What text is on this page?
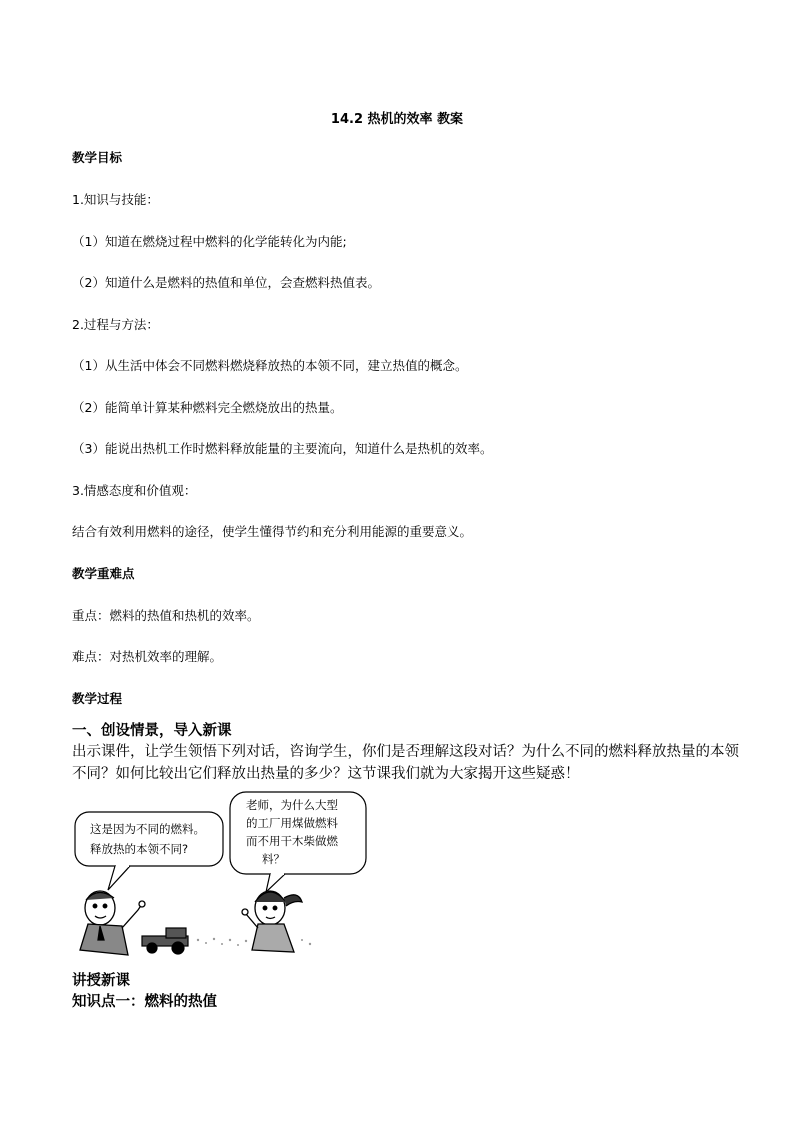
14.2 热机的效率 教案
教学目标
1.知识与技能：
（1）知道在燃烧过程中燃料的化学能转化为内能;
（2）知道什么是燃料的热值和单位，会查燃料热值表。
2.过程与方法：
（1）从生活中体会不同燃料燃烧释放热的本领不同，建立热值的概念。
（2）能简单计算某种燃料完全燃烧放出的热量。
（3）能说出热机工作时燃料释放能量的主要流向，知道什么是热机的效率。
3.情感态度和价值观：
结合有效利用燃料的途径，使学生懂得节约和充分利用能源的重要意义。
教学重难点
重点：燃料的热值和热机的效率。
难点：对热机效率的理解。
教学过程
一、创设情景，导入新课
出示课件，让学生领悟下列对话，咨询学生，你们是否理解这段对话？为什么不同的燃料释放热量的本领
不同？如何比较出它们释放出热量的多少？这节课我们就为大家揭开这些疑惑！
这是因为不同的燃料。
释放热的本领不同?
老师，为什么大型
的工厂用煤做燃料
而不用干木柴做燃
料？
讲授新课
知识点一：燃料的热值
